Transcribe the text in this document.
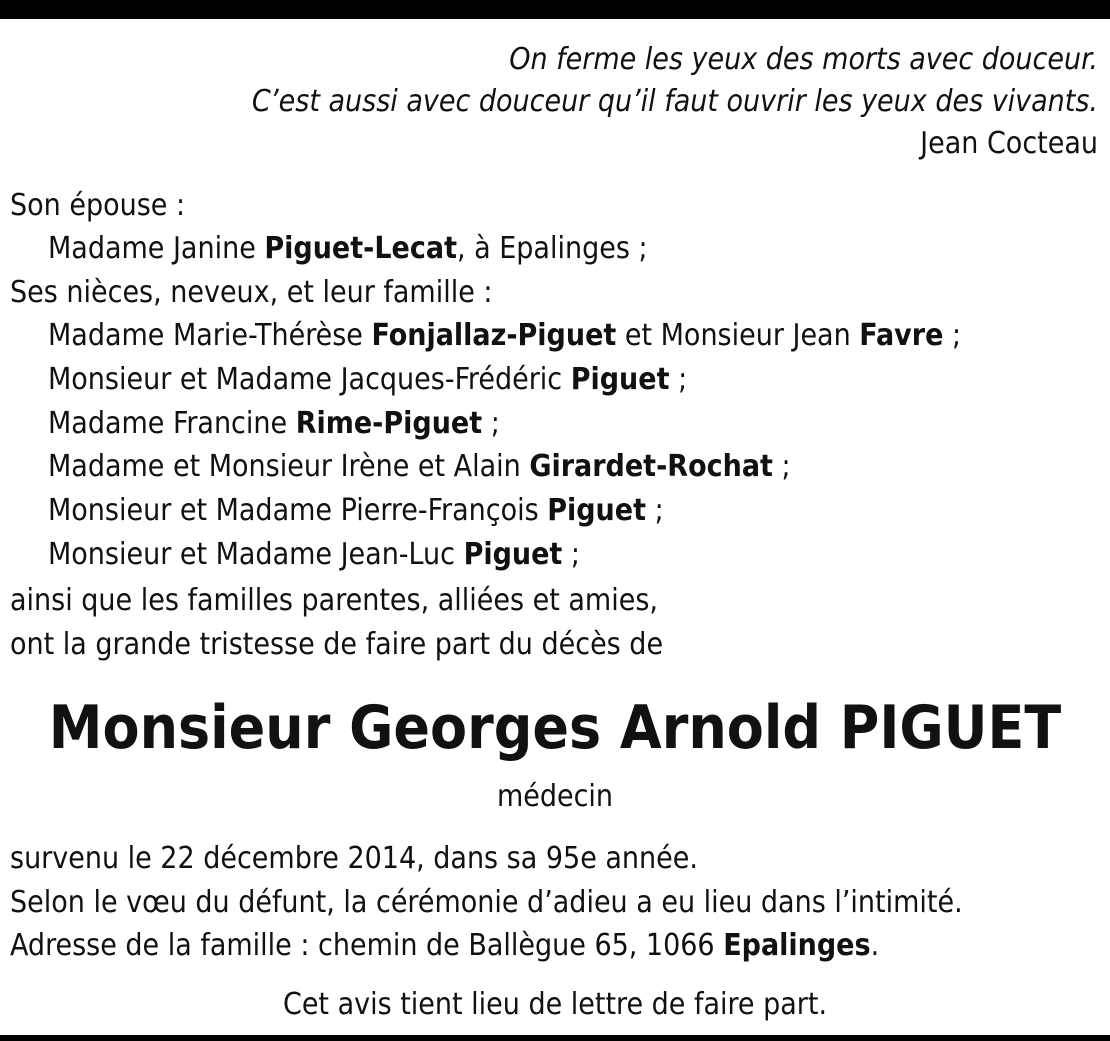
On ferme les yeux des morts avec douceur.
C’est aussi avec douceur qu’il faut ouvrir les yeux des vivants.
Jean Cocteau
Son épouse :
Madame Janine Piguet-Lecat, à Epalinges ;
Ses nièces, neveux, et leur famille :
Madame Marie-Thérèse Fonjallaz-Piguet et Monsieur Jean Favre ;
Monsieur et Madame Jacques-Frédéric Piguet ;
Madame Francine Rime-Piguet ;
Madame et Monsieur Irène et Alain Girardet-Rochat ;
Monsieur et Madame Pierre-François Piguet ;
Monsieur et Madame Jean-Luc Piguet ;
ainsi que les familles parentes, alliées et amies,
ont la grande tristesse de faire part du décès de
Monsieur Georges Arnold PIGUET
médecin
survenu le 22 décembre 2014, dans sa 95e année.
Selon le vœu du défunt, la cérémonie d’adieu a eu lieu dans l’intimité.
Adresse de la famille : chemin de Ballègue 65, 1066 Epalinges.
Cet avis tient lieu de lettre de faire part.
